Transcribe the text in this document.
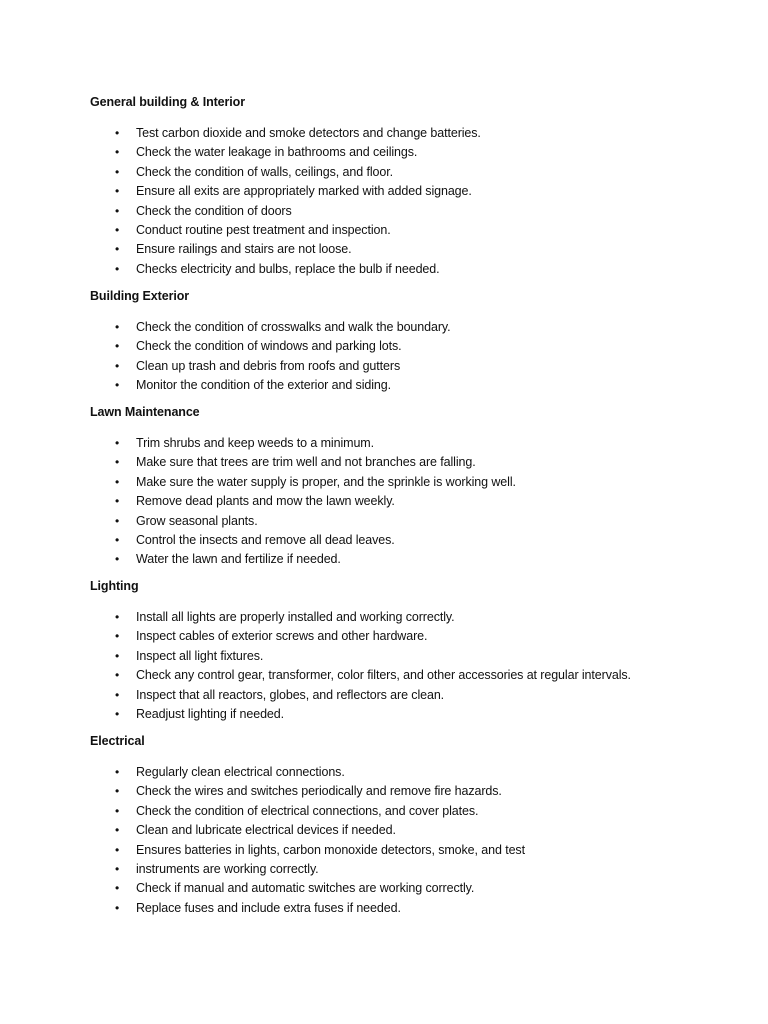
General building & Interior
• Test carbon dioxide and smoke detectors and change batteries.
• Check the water leakage in bathrooms and ceilings.
• Check the condition of walls, ceilings, and floor.
• Ensure all exits are appropriately marked with added signage.
• Check the condition of doors
• Conduct routine pest treatment and inspection.
• Ensure railings and stairs are not loose.
• Checks electricity and bulbs, replace the bulb if needed.
Building Exterior
• Check the condition of crosswalks and walk the boundary.
• Check the condition of windows and parking lots.
• Clean up trash and debris from roofs and gutters
• Monitor the condition of the exterior and siding.
Lawn Maintenance
• Trim shrubs and keep weeds to a minimum.
• Make sure that trees are trim well and not branches are falling.
• Make sure the water supply is proper, and the sprinkle is working well.
• Remove dead plants and mow the lawn weekly.
• Grow seasonal plants.
• Control the insects and remove all dead leaves.
• Water the lawn and fertilize if needed.
Lighting
• Install all lights are properly installed and working correctly.
• Inspect cables of exterior screws and other hardware.
• Inspect all light fixtures.
• Check any control gear, transformer, color filters, and other accessories at regular intervals.
• Inspect that all reactors, globes, and reflectors are clean.
• Readjust lighting if needed.
Electrical
• Regularly clean electrical connections.
• Check the wires and switches periodically and remove fire hazards.
• Check the condition of electrical connections, and cover plates.
• Clean and lubricate electrical devices if needed.
• Ensures batteries in lights, carbon monoxide detectors, smoke, and test
• instruments are working correctly.
• Check if manual and automatic switches are working correctly.
• Replace fuses and include extra fuses if needed.
